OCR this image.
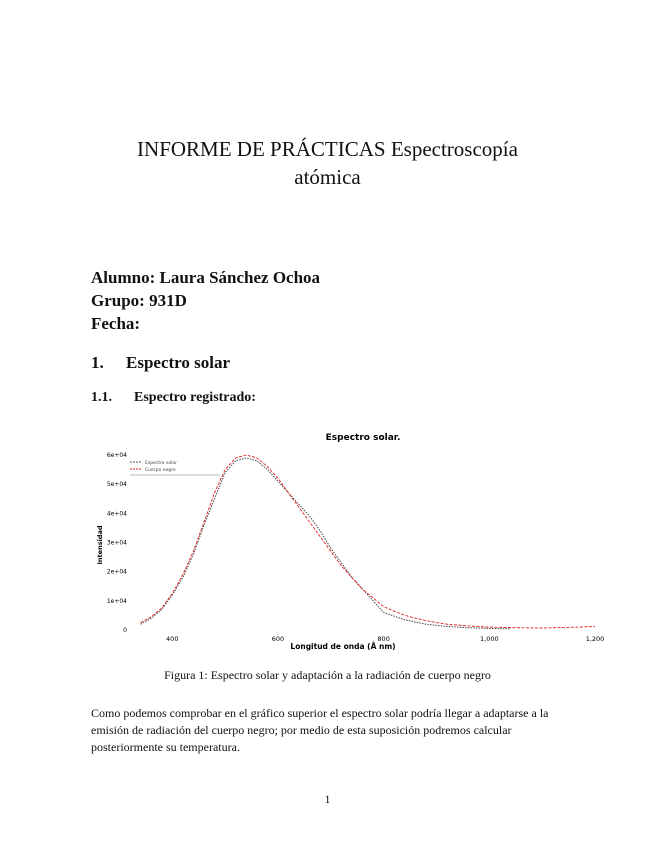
INFORME DE PRÁCTICAS Espectroscopía
atómica
Alumno: Laura Sánchez Ochoa
Grupo: 931D
Fecha:
1. Espectro solar
1.1. Espectro registrado:
Espectro solar.
0
1e+04
2e+04
3e+04
4e+04
5e+04
6e+04
400	600	800	1,000	1,200
Espectro solar
Cuerpo negro
Longitud de onda (Å nm)
Intensidad
Figura 1: Espectro solar y adaptación a la radiación de cuerpo negro
Como podemos comprobar en el gráfico superior el espectro solar podría llegar a adaptarse a la emisión de radiación del cuerpo negro; por medio de esta suposición podremos calcular posteriormente su temperatura.
1
